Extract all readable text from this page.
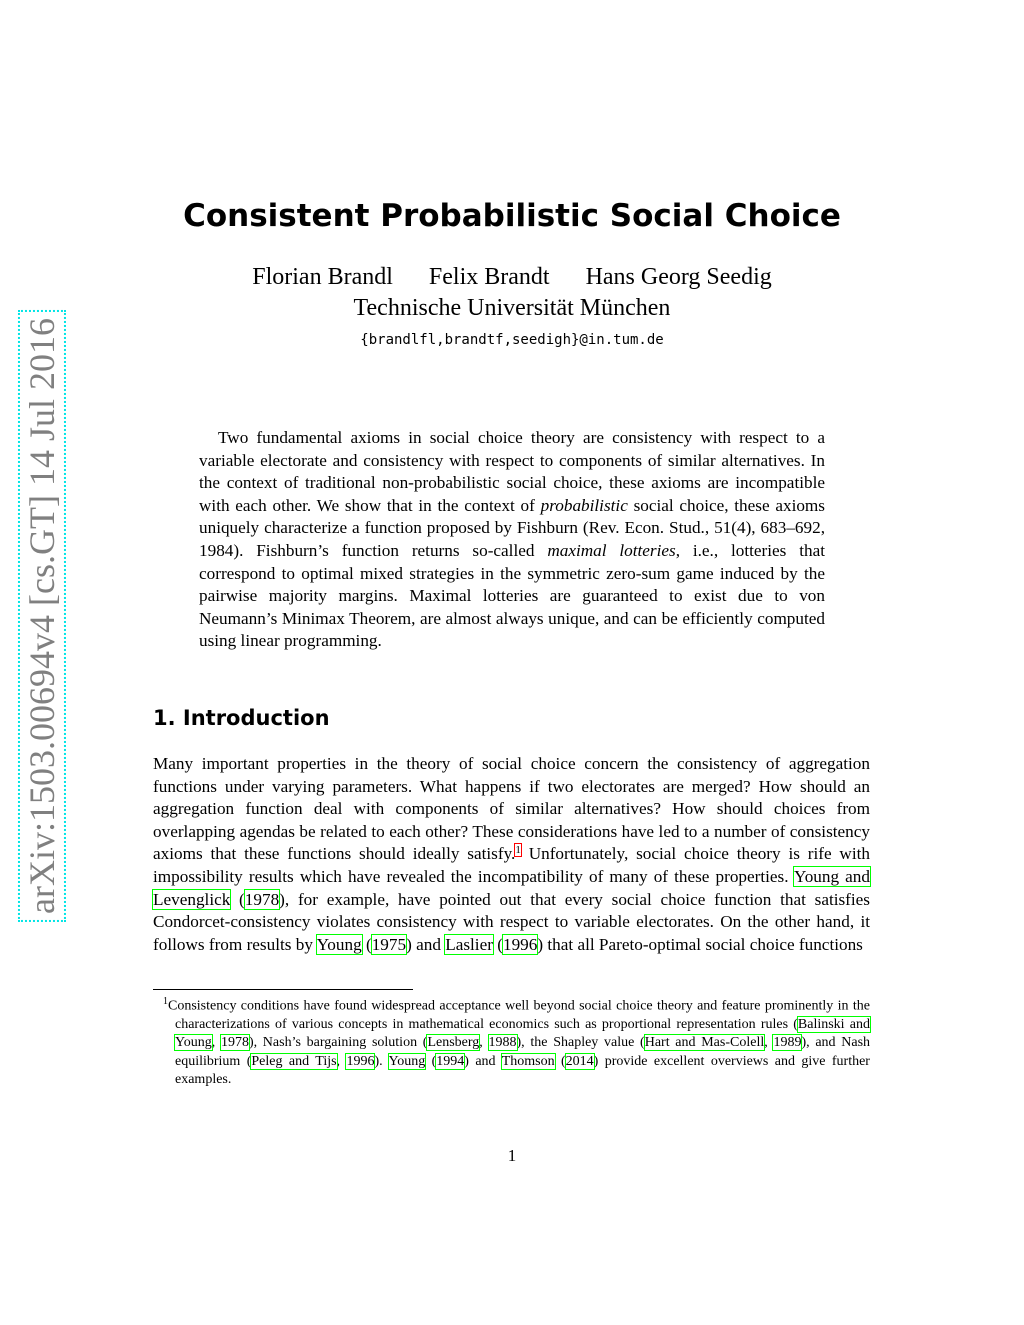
arXiv:1503.00694v4 [cs.GT] 14 Jul 2016
Consistent Probabilistic Social Choice
Florian Brandl Felix Brandt Hans Georg Seedig
Technische Universität München
{brandlfl,brandtf,seedigh}@in.tum.de

Two fundamental axioms in social choice theory are consistency with respect to a variable electorate and consistency with respect to components of similar alternatives. In the context of traditional non-probabilistic social choice, these axioms are incompatible with each other. We show that in the context of probabilistic social choice, these axioms uniquely characterize a function proposed by Fishburn (Rev. Econ. Stud., 51(4), 683–692, 1984). Fishburn’s function returns so-called maximal lotteries, i.e., lotteries that correspond to optimal mixed strategies in the symmetric zero-sum game induced by the pairwise majority margins. Maximal lotteries are guaranteed to exist due to von Neumann’s Minimax Theorem, are almost always unique, and can be efficiently computed using linear programming.

1. Introduction

Many important properties in the theory of social choice concern the consistency of aggregation functions under varying parameters. What happens if two electorates are merged? How should an aggregation function deal with components of similar alternatives? How should choices from overlapping agendas be related to each other? These considerations have led to a number of consistency axioms that these functions should ideally satisfy.$^1$ Unfortunately, social choice theory is rife with impossibility results which have revealed the incompatibility of many of these properties. Young and Levenglick (1978), for example, have pointed out that every social choice function that satisfies Condorcet-consistency violates consistency with respect to variable electorates. On the other hand, it follows from results by Young (1975) and Laslier (1996) that all Pareto-optimal social choice functions

$^1$Consistency conditions have found widespread acceptance well beyond social choice theory and feature prominently in the characterizations of various concepts in mathematical economics such as proportional representation rules (Balinski and Young, 1978), Nash’s bargaining solution (Lensberg, 1988), the Shapley value (Hart and Mas-Colell, 1989), and Nash equilibrium (Peleg and Tijs, 1996). Young (1994) and Thomson (2014) provide excellent overviews and give further examples.

1
